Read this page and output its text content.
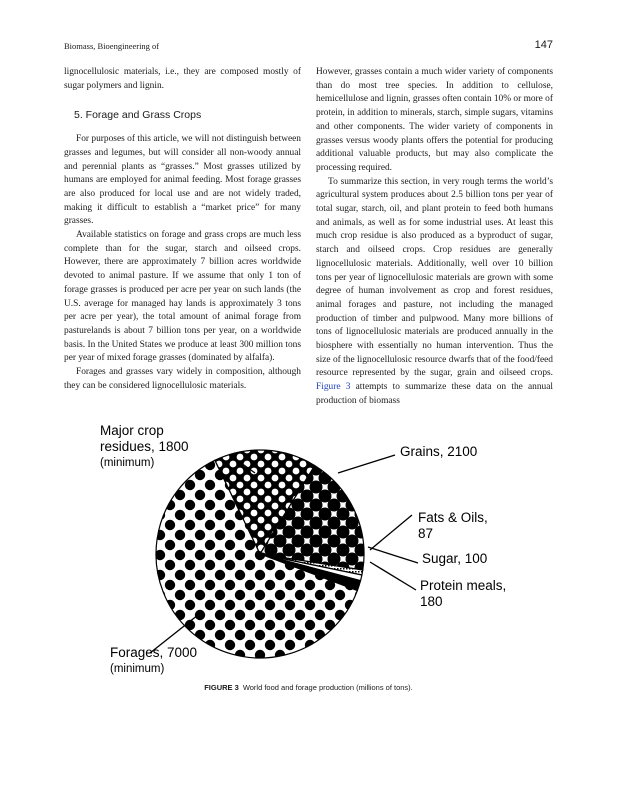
Biomass, Bioengineering of	147

lignocellulosic materials, i.e., they are composed mostly of sugar polymers and lignin.

5. Forage and Grass Crops

For purposes of this article, we will not distinguish between grasses and legumes, but will consider all non-woody annual and perennial plants as “grasses.” Most grasses utilized by humans are employed for animal feeding. Most forage grasses are also produced for local use and are not widely traded, making it difficult to establish a “market price” for many grasses.

Available statistics on forage and grass crops are much less complete than for the sugar, starch and oilseed crops. However, there are approximately 7 billion acres worldwide devoted to animal pasture. If we assume that only 1 ton of forage grasses is produced per acre per year on such lands (the U.S. average for managed hay lands is approximately 3 tons per acre per year), the total amount of animal forage from pasturelands is about 7 billion tons per year, on a worldwide basis. In the United States we produce at least 300 million tons per year of mixed forage grasses (dominated by alfalfa).

Forages and grasses vary widely in composition, although they can be considered lignocellulosic materials.

However, grasses contain a much wider variety of components than do most tree species. In addition to cellulose, hemicellulose and lignin, grasses often contain 10% or more of protein, in addition to minerals, starch, simple sugars, vitamins and other components. The wider variety of components in grasses versus woody plants offers the potential for producing additional valuable products, but may also complicate the processing required.

To summarize this section, in very rough terms the world’s agricultural system produces about 2.5 billion tons per year of total sugar, starch, oil, and plant protein to feed both humans and animals, as well as for some industrial uses. At least this much crop residue is also produced as a byproduct of sugar, starch and oilseed crops. Crop residues are generally lignocellulosic materials. Additionally, well over 10 billion tons per year of lignocellulosic materials are grown with some degree of human involvement as crop and forest residues, animal forages and pasture, not including the managed production of timber and pulpwood. Many more billions of tons of lignocellulosic materials are produced annually in the biosphere with essentially no human intervention. Thus the size of the lignocellulosic resource dwarfs that of the food/feed resource represented by the sugar, grain and oilseed crops. Figure 3 attempts to summarize these data on the annual production of biomass

Major crop
residues, 1800
(minimum)
Grains, 2100
Fats & Oils,
87
Sugar, 100
Protein meals,
180
Forages, 7000
(minimum)
FIGURE 3 World food and forage production (millions of tons).
